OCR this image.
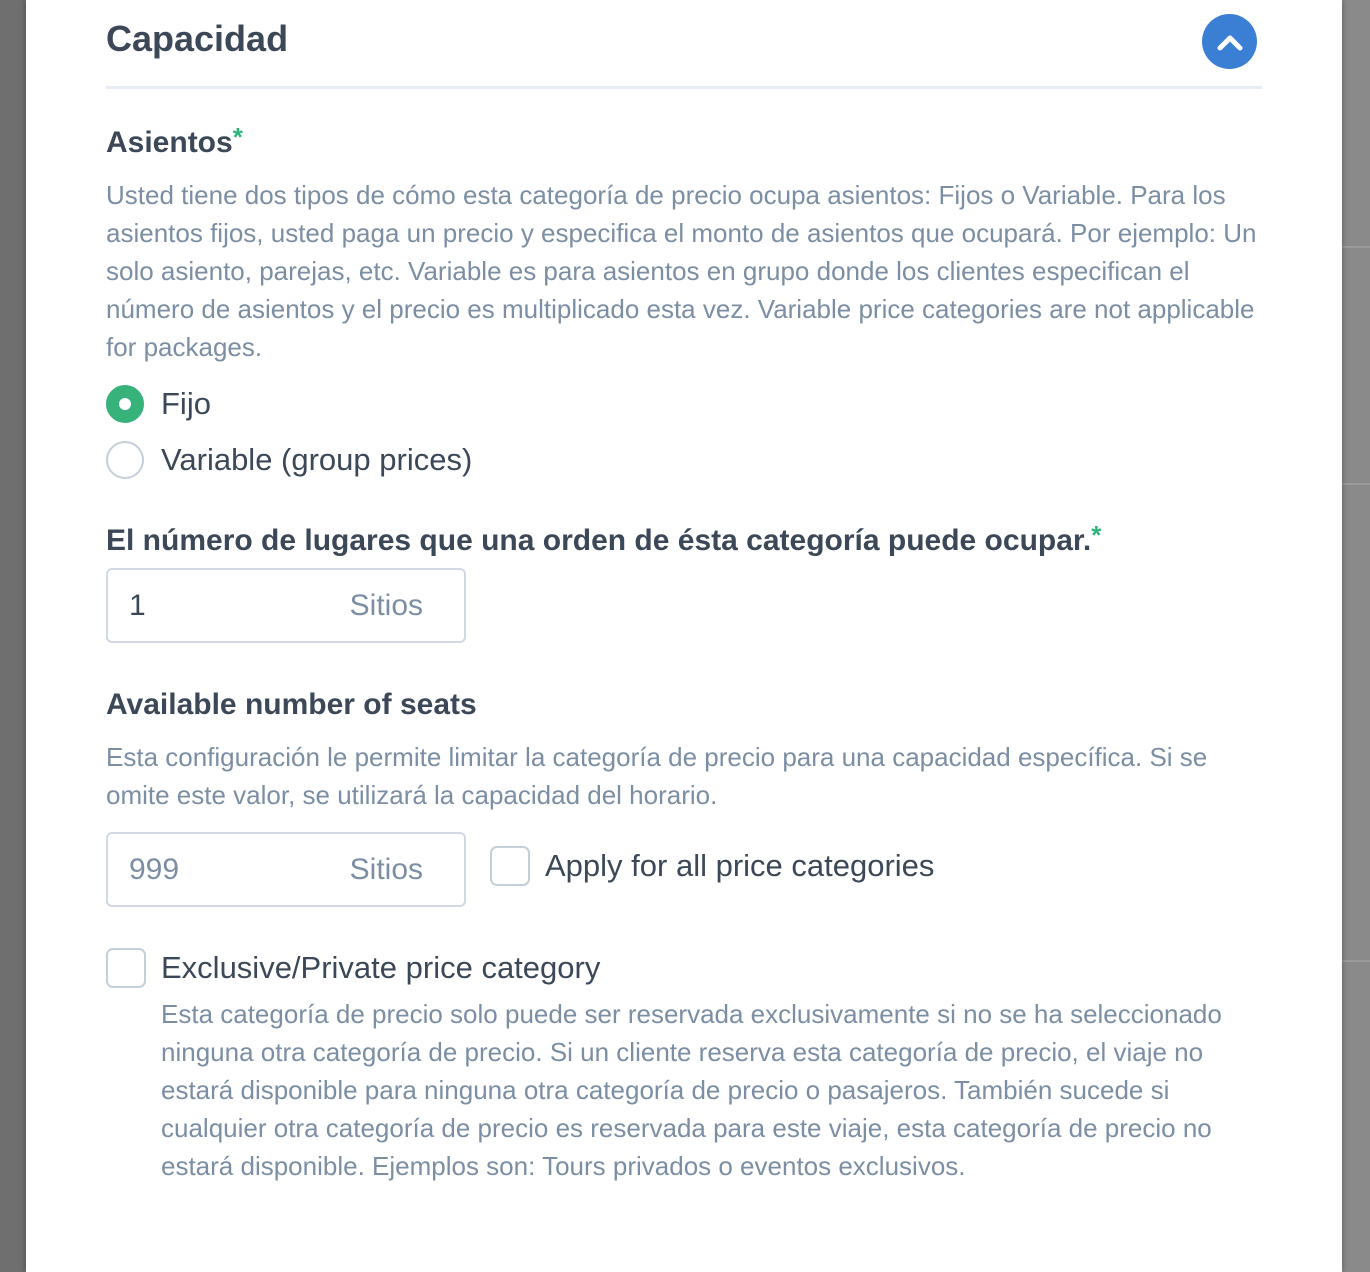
Capacidad
Asientos*

Usted tiene dos tipos de cómo esta categoría de precio ocupa asientos: Fijos o Variable. Para los asientos fijos, usted paga un precio y especifica el monto de asientos que ocupará. Por ejemplo: Un solo asiento, parejas, etc. Variable es para asientos en grupo donde los clientes especifican el número de asientos y el precio es multiplicado esta vez. Variable price categories are not applicable for packages.

Fijo
Variable (group prices)
El número de lugares que una orden de ésta categoría puede ocupar.*
1
Sitios
Available number of seats

Esta configuración le permite limitar la categoría de precio para una capacidad específica. Si se omite este valor, se utilizará la capacidad del horario.

999
Sitios	Apply for all price categories
Exclusive/Private price category

Esta categoría de precio solo puede ser reservada exclusivamente si no se ha seleccionado ninguna otra categoría de precio. Si un cliente reserva esta categoría de precio, el viaje no estará disponible para ninguna otra categoría de precio o pasajeros. También sucede si cualquier otra categoría de precio es reservada para este viaje, esta categoría de precio no estará disponible. Ejemplos son: Tours privados o eventos exclusivos.
